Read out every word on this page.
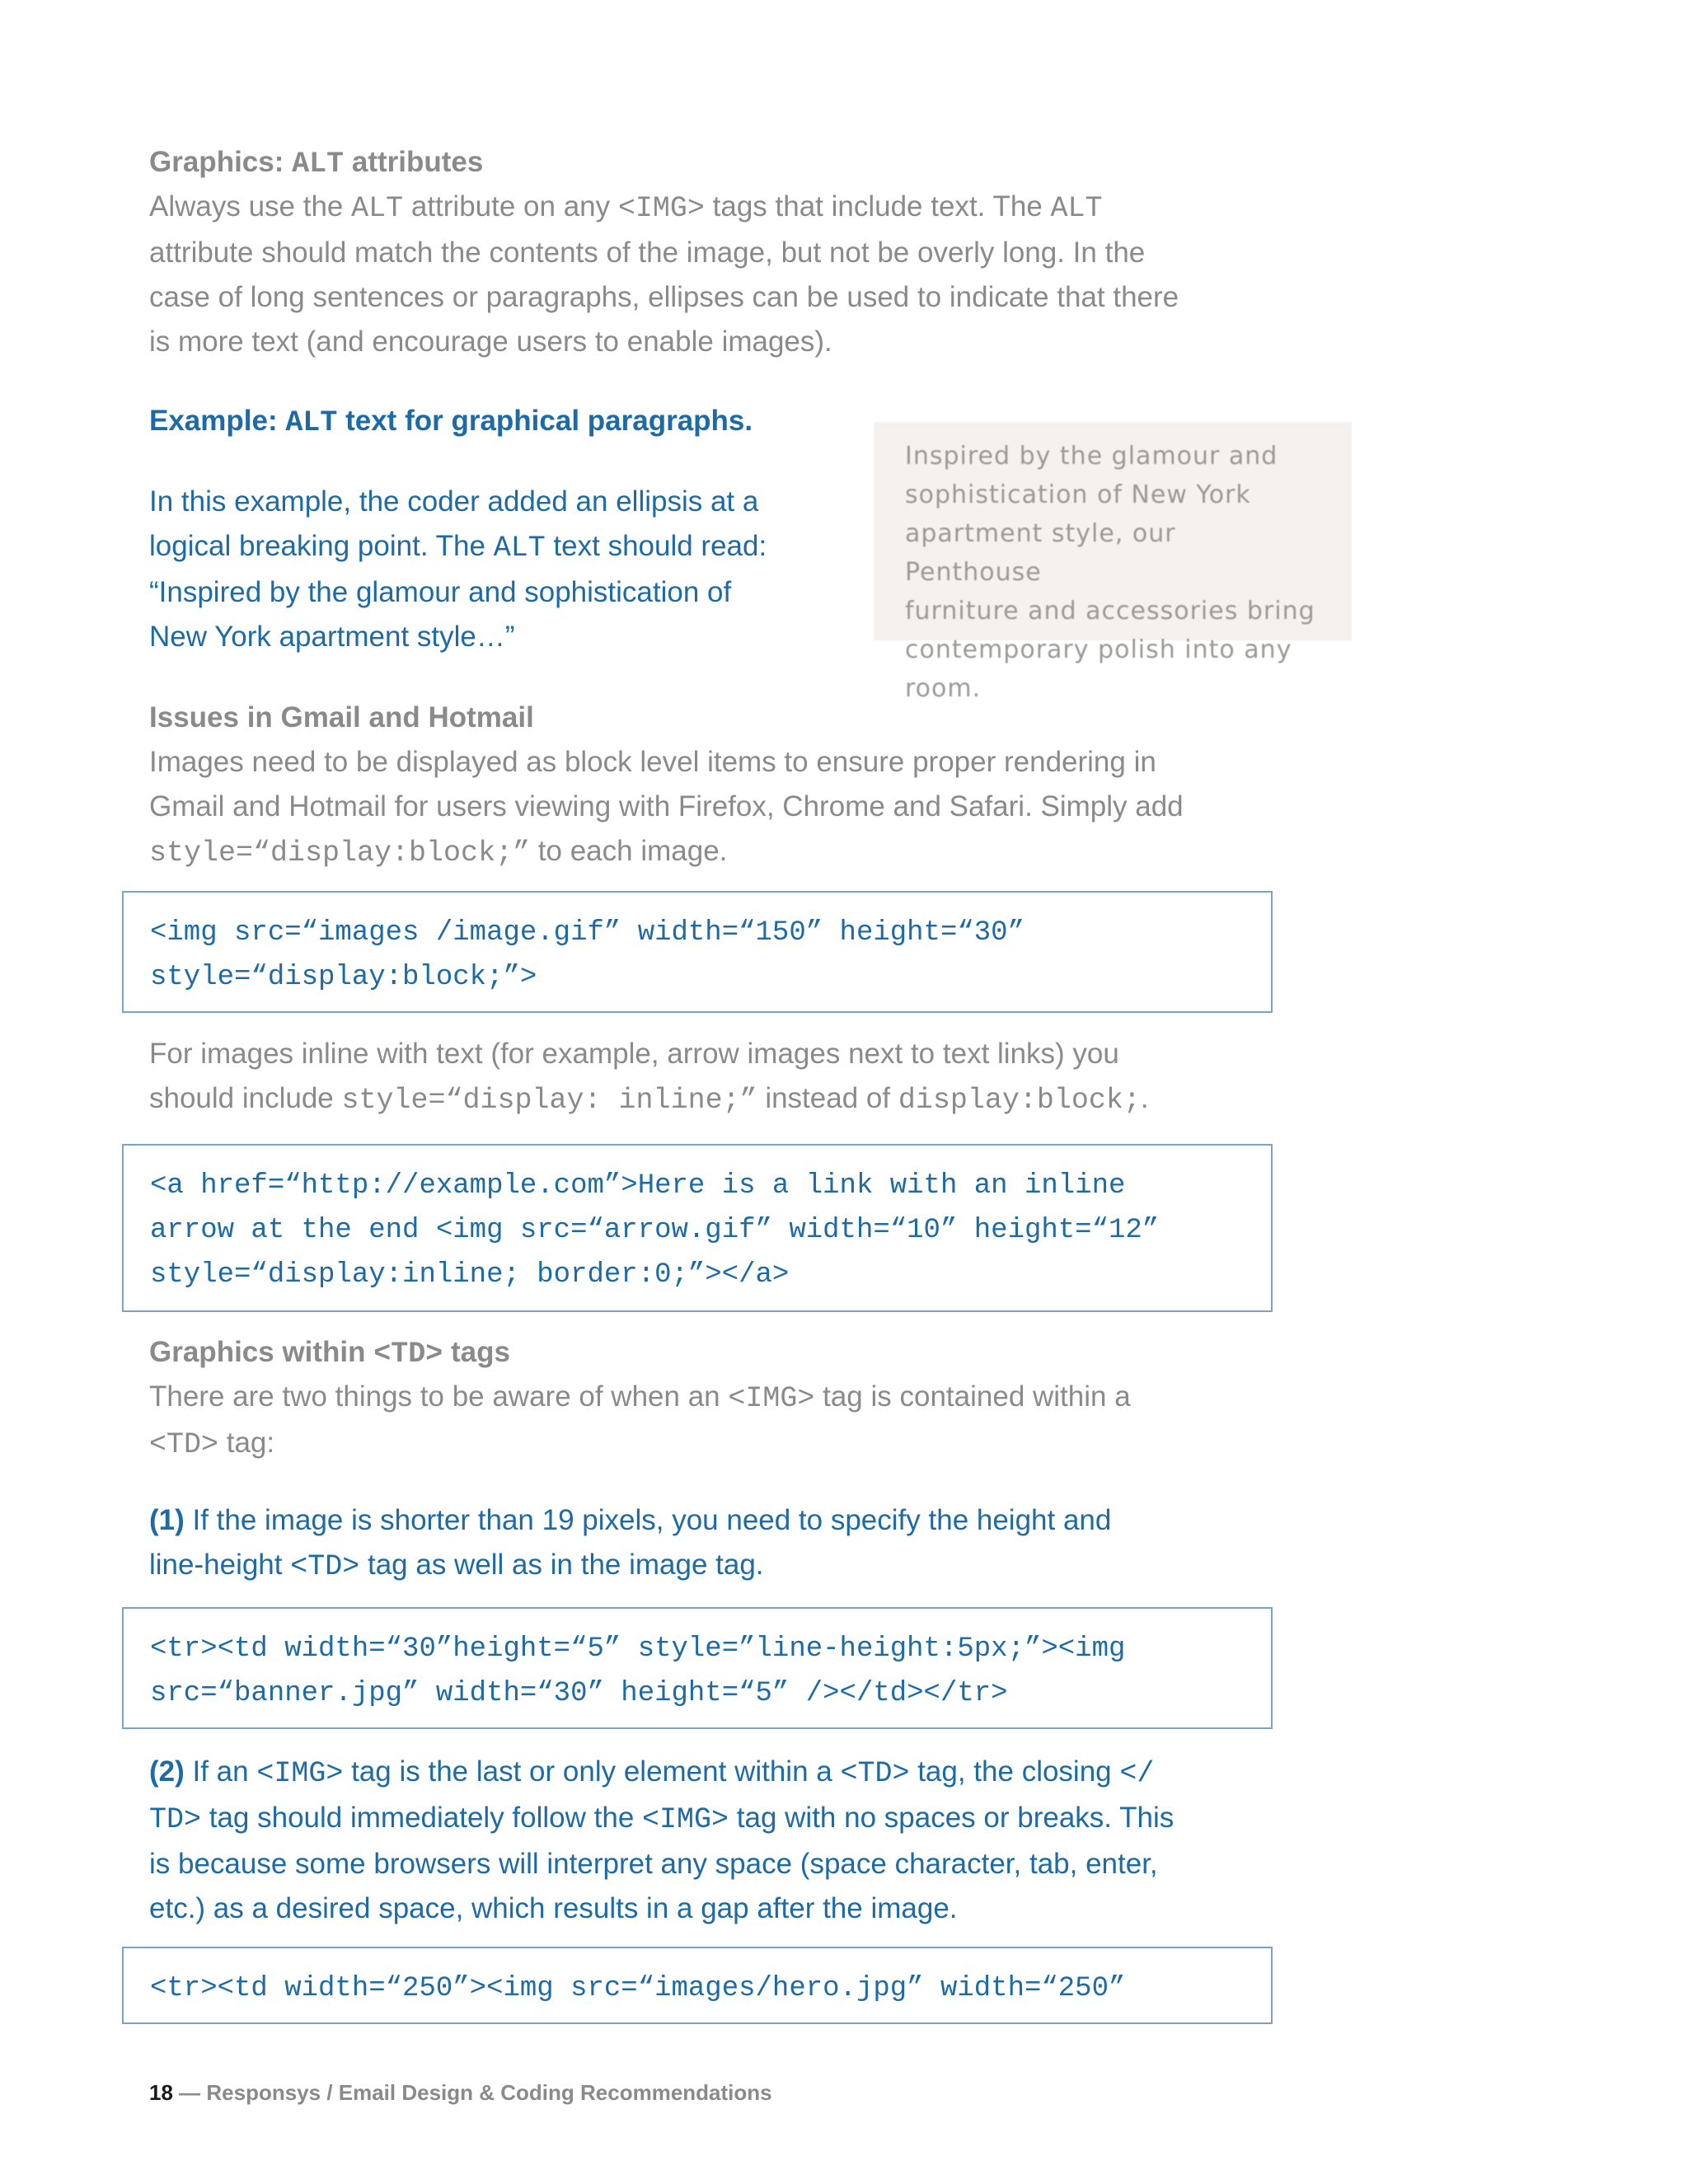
Graphics: ALT attributes
Always use the ALT attribute on any <IMG> tags that include text. The ALT
attribute should match the contents of the image, but not be overly long. In the
case of long sentences or paragraphs, ellipses can be used to indicate that there
is more text (and encourage users to enable images).
Example: ALT text for graphical paragraphs.
In this example, the coder added an ellipsis at a
logical breaking point. The ALT text should read:
“Inspired by the glamour and sophistication of
New York apartment style…”
Inspired by the glamour and
sophistication of New York
apartment style, our Penthouse
furniture and accessories bring
contemporary polish into any room.
Issues in Gmail and Hotmail
Images need to be displayed as block level items to ensure proper rendering in
Gmail and Hotmail for users viewing with Firefox, Chrome and Safari. Simply add
style=“display:block;” to each image.
<img src=“images /image.gif” width=“150” height=“30”
style=“display:block;”>
For images inline with text (for example, arrow images next to text links) you
should include style=“display: inline;” instead of display:block;.
<a href=“http://example.com”>Here is a link with an inline
arrow at the end <img src=“arrow.gif” width=“10” height=“12”
style=“display:inline; border:0;”></a>
Graphics within <TD> tags
There are two things to be aware of when an <IMG> tag is contained within a
<TD> tag:
(1) If the image is shorter than 19 pixels, you need to specify the height and
line-height <TD> tag as well as in the image tag.
<tr><td width=“30”height=“5” style=”line-height:5px;”><img
src=“banner.jpg” width=“30” height=“5” /></td></tr>
(2) If an <IMG> tag is the last or only element within a <TD> tag, the closing </
TD> tag should immediately follow the <IMG> tag with no spaces or breaks. This
is because some browsers will interpret any space (space character, tab, enter,
etc.) as a desired space, which results in a gap after the image.
<tr><td width=“250”><img src=“images/hero.jpg” width=“250”
18 — Responsys / Email Design & Coding Recommendations
